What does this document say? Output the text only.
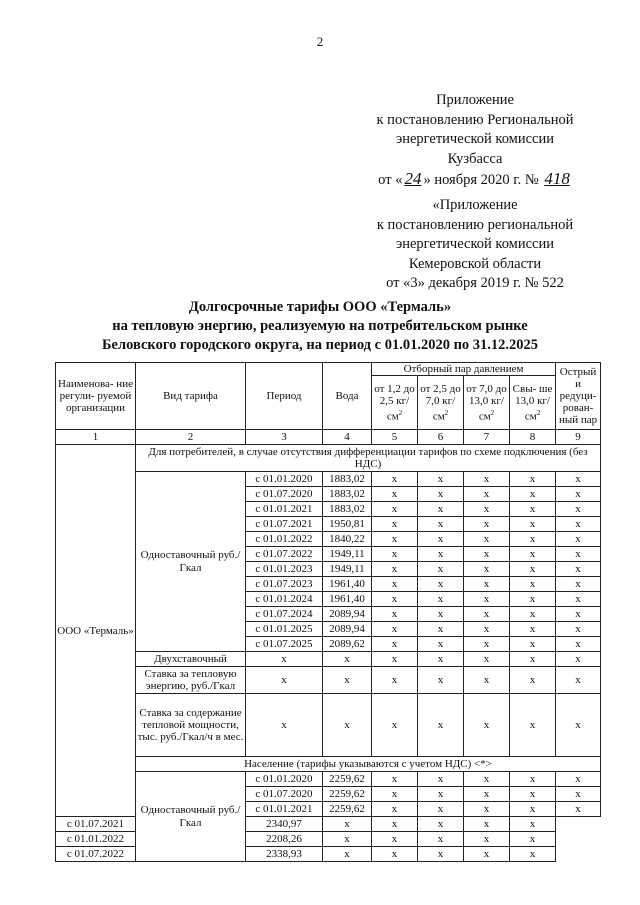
2
Приложение
к постановлению Региональной
энергетической комиссии
Кузбасса
от « 24 » ноября 2020 г. № 418
«Приложение
к постановлению региональной
энергетической комиссии
Кемеровской области
от «3» декабря 2019 г. № 522
Долгосрочные тарифы ООО «Термаль»
на тепловую энергию, реализуемую на потребительском рынке
Беловского городского округа, на период с 01.01.2020 по 31.12.2025
Наименова- ние регули- руемой организации	Вид тарифа	Период	Вода	Отборный пар давлением				Острый и редуци- рован- ный пар
				от 1,2 до 2,5 $кг/см^2$	от 2,5 до 7,0 $кг/см^2$	от 7,0 до 13,0 $кг/см^2$	Свы- ше 13,0 $кг/см^2$
1	2	3	4	5	6	7	8	9
ООО «Термаль»	Для потребителей, в случае отсутствия дифференциации тарифов по схеме подключения (без НДС)							
	Одноставочный руб./Гкал	с 01.01.2020	1883,02	x	x	x	x	x
		с 01.07.2020	1883,02	x	x	x	x	x
		с 01.01.2021	1883,02	x	x	x	x	x
		с 01.07.2021	1950,81	x	x	x	x	x
		с 01.01.2022	1840,22	x	x	x	x	x
		с 01.07.2022	1949,11	x	x	x	x	x
		с 01.01.2023	1949,11	x	x	x	x	x
		с 01.07.2023	1961,40	x	x	x	x	x
		с 01.01.2024	1961,40	x	x	x	x	x
		с 01.07.2024	2089,94	x	x	x	x	x
		с 01.01.2025	2089,94	x	x	x	x	x
		с 01.07.2025	2089,62	x	x	x	x	x
	Двухставочный	x	x	x	x	x	x	x
	Ставка за тепловую энергию, руб./Гкал	x	x	x	x	x	x	x
	Ставка за содержание тепловой мощности, тыс. руб./Гкал/ч в мес.	x	x	x	x	x	x	x
	Население (тарифы указываются с учетом НДС) <*>							
	Одноставочный руб./Гкал	с 01.01.2020	2259,62	x	x	x	x	x
		с 01.07.2020	2259,62	x	x	x	x	x
		с 01.01.2021	2259,62	x	x	x	x	x
с 01.07.2021		2340,97	x	x	x	x	x	
с 01.01.2022		2208,26	x	x	x	x	x	
с 01.07.2022		2338,93	x	x	x	x	x	
